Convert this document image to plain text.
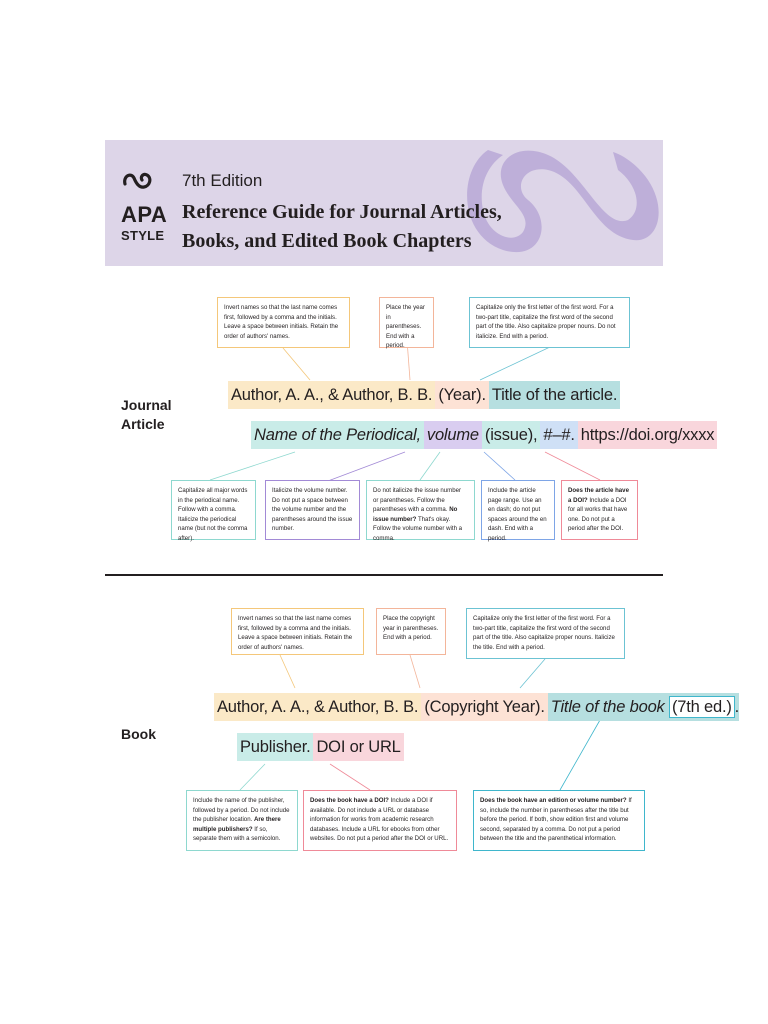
APA
STYLE
7th Edition
Reference Guide for Journal Articles, Books, and Edited Book Chapters
Invert names so that the last name comes first, followed by a comma and the initials. Leave a space between initials. Retain the order of authors' names.
Place the year in parentheses. End with a period.
Capitalize only the first letter of the first word. For a two-part title, capitalize the first word of the second part of the title. Also capitalize proper nouns. Do not italicize. End with a period.
Journal Article
Author, A. A., & Author, B. B. (Year). Title of the article.
Name of the Periodical, volume (issue), #–#. https://doi.org/xxxx
Capitalize all major words in the periodical name. Follow with a comma. Italicize the periodical name (but not the comma after).
Italicize the volume number. Do not put a space between the volume number and the parentheses around the issue number.
Do not italicize the issue number or parentheses. Follow the parentheses with a comma. No issue number? That's okay. Follow the volume number with a comma.
Include the article page range. Use an en dash; do not put spaces around the en dash. End with a period.
Does the article have a DOI? Include a DOI for all works that have one. Do not put a period after the DOI.
Invert names so that the last name comes first, followed by a comma and the initials. Leave a space between initials. Retain the order of authors' names.
Place the copyright year in parentheses. End with a period.
Capitalize only the first letter of the first word. For a two-part title, capitalize the first word of the second part of the title. Also capitalize proper nouns. Italicize the title. End with a period.
Book
Author, A. A., & Author, B. B. (Copyright Year). Title of the book (7th ed.) .
Publisher. DOI or URL
Include the name of the publisher, followed by a period. Do not include the publisher location. Are there multiple publishers? If so, separate them with a semicolon.
Does the book have a DOI? Include a DOI if available. Do not include a URL or database information for works from academic research databases. Include a URL for ebooks from other websites. Do not put a period after the DOI or URL.
Does the book have an edition or volume number? If so, include the number in parentheses after the title but before the period. If both, show edition first and volume second, separated by a comma. Do not put a period between the title and the parenthetical information.
